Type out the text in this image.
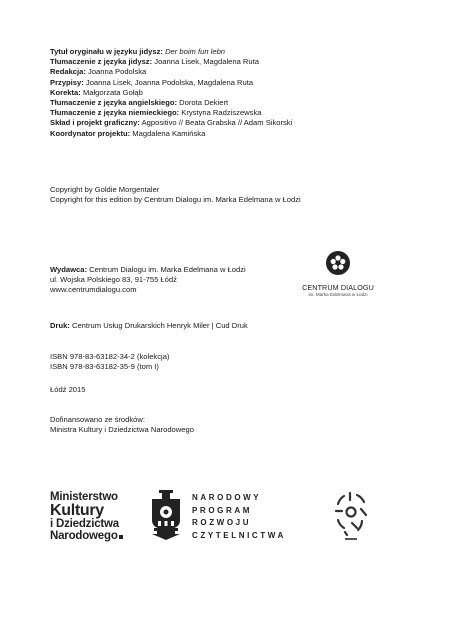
Tytuł oryginału w języku jidysz: Der boim fun lebn
Tłumaczenie z języka jidysz: Joanna Lisek, Magdalena Ruta
Redakcja: Joanna Podolska
Przypisy: Joanna Lisek, Joanna Podolska, Magdalena Ruta
Korekta: Małgorzata Gołąb
Tłumaczenie z języka angielskiego: Dorota Dekiert
Tłumaczenie z języka niemieckiego: Krystyna Radziszewska
Skład i projekt graficzny: Agpositivo // Beata Grabska // Adam Sikorski
Koordynator projektu: Magdalena Kamińska
Copyright by Goldie Morgentaler
Copyright for this edition by Centrum Dialogu im. Marka Edelmana w Łodzi
Wydawca: Centrum Dialogu im. Marka Edelmana w Łodzi
ul. Wojska Polskiego 83, 91-755 Łódź
www.centrumdialogu.com	CENTRUM DIALOGU
im. Marka Edelmana w Łodzi
Druk: Centrum Usług Drukarskich Henryk Miler | Cud Druk
ISBN 978-83-63182-34-2 (kolekcja)
ISBN 978-83-63182-35-9 (tom I)
Łódź 2015
Dofinansowano ze środków:
Ministra Kultury i Dziedzictwa Narodowego
Ministerstwo
Kultury
i Dziedzictwa
Narodowego
NARODOWY
PROGRAM
ROZWOJU
CZYTELNICTWA
